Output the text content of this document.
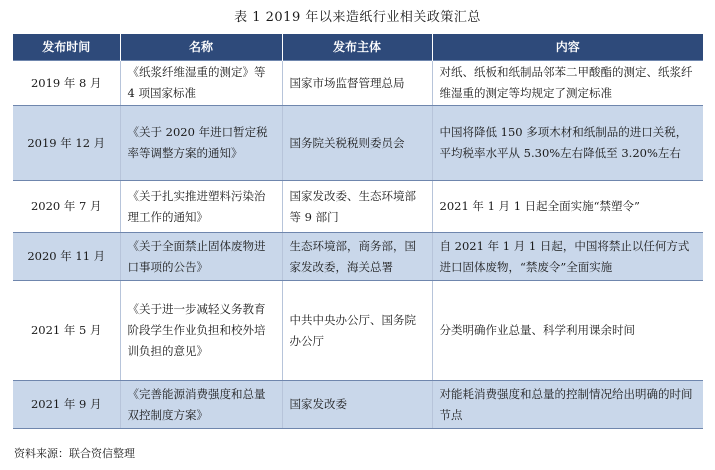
表 1 2019 年以来造纸行业相关政策汇总
发布时间	名称	发布主体	内容
2019 年 8 月	《纸浆纤维湿重的测定》等 4 项国家标准	国家市场监督管理总局	对纸、纸板和纸制品邻苯二甲酸酯的测定、纸浆纤维湿重的测定等均规定了测定标准
2019 年 12 月	《关于 2020 年进口暂定税率等调整方案的通知》	国务院关税税则委员会	中国将降低 150 多项木材和纸制品的进口关税，平均税率水平从 5.30%左右降低至 3.20%左右
2020 年 7 月	《关于扎实推进塑料污染治理工作的通知》	国家发改委、生态环境部等 9 部门	2021 年 1 月 1 日起全面实施“禁塑令”
2020 年 11 月	《关于全面禁止固体废物进口事项的公告》	生态环境部，商务部，国家发改委，海关总署	自 2021 年 1 月 1 日起，中国将禁止以任何方式进口固体废物，“禁废令”全面实施
2021 年 5 月	《关于进一步减轻义务教育阶段学生作业负担和校外培训负担的意见》	中共中央办公厅、国务院办公厅	分类明确作业总量、科学利用课余时间
2021 年 9 月	《完善能源消费强度和总量双控制度方案》	国家发改委	对能耗消费强度和总量的控制情况给出明确的时间节点
资料来源：联合资信整理
